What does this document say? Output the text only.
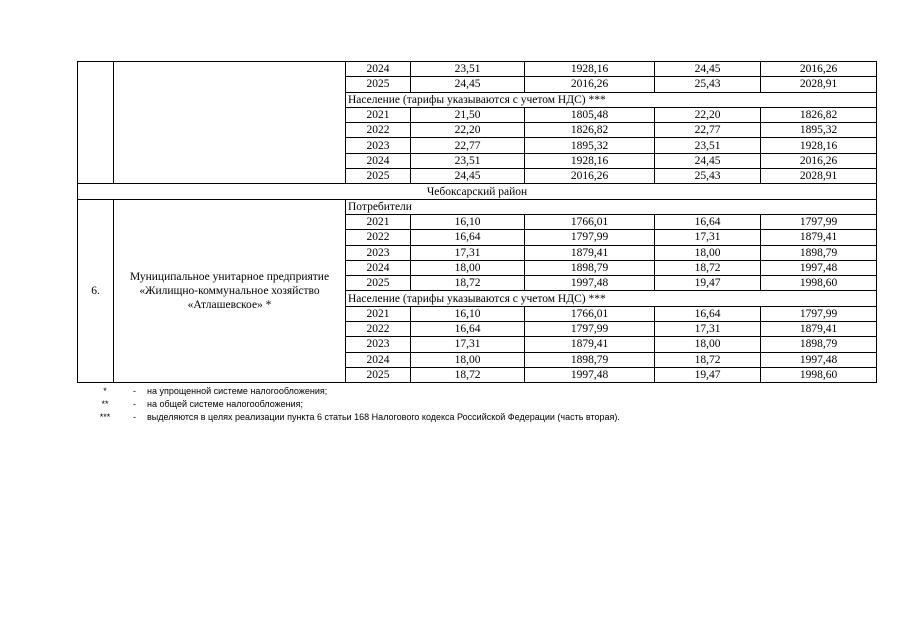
		2024	23,51	1928,16	24,45	2016,26
		2025	24,45	2016,26	25,43	2028,91
		Население (тарифы указываются с учетом НДС) ***				
		2021	21,50	1805,48	22,20	1826,82
		2022	22,20	1826,82	22,77	1895,32
		2023	22,77	1895,32	23,51	1928,16
		2024	23,51	1928,16	24,45	2016,26
		2025	24,45	2016,26	25,43	2028,91
Чебоксарский район						
6.	Муниципальное унитарное предприятие «Жилищно-коммунальное хозяйство «Атлашевское» *	Потребители				
		2021	16,10	1766,01	16,64	1797,99
		2022	16,64	1797,99	17,31	1879,41
		2023	17,31	1879,41	18,00	1898,79
		2024	18,00	1898,79	18,72	1997,48
		2025	18,72	1997,48	19,47	1998,60
		Население (тарифы указываются с учетом НДС) ***				
		2021	16,10	1766,01	16,64	1797,99
		2022	16,64	1797,99	17,31	1879,41
		2023	17,31	1879,41	18,00	1898,79
		2024	18,00	1898,79	18,72	1997,48
		2025	18,72	1997,48	19,47	1998,60
*	-	на упрощенной системе налогообложения;
**	-	на общей системе налогообложения;
***	-	выделяются в целях реализации пункта 6 статьи 168 Налогового кодекса Российской Федерации (часть вторая).
